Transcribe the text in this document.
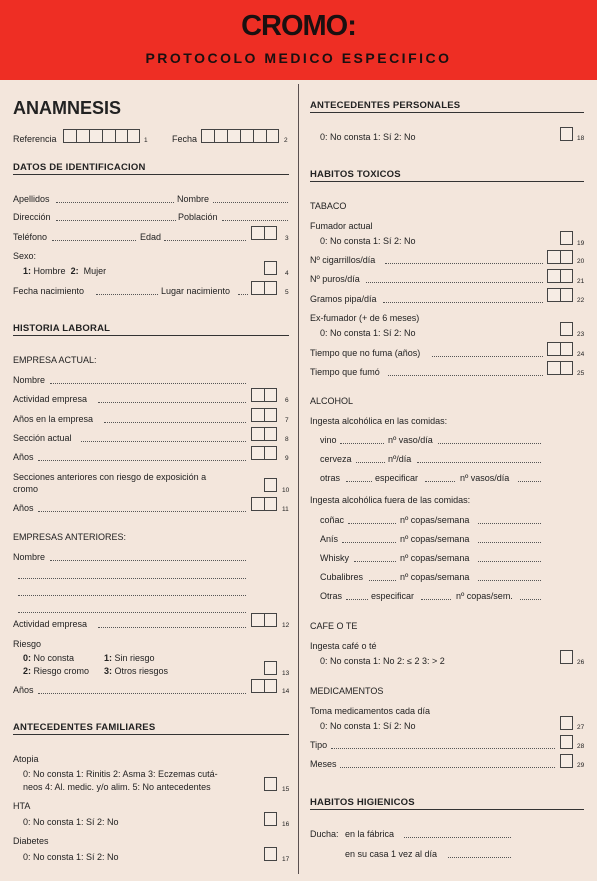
CROMO:
PROTOCOLO MEDICO ESPECIFICO
ANAMNESIS
Referencia	1	Fecha	2
DATOS DE IDENTIFICACION
Apellidos	Nombre
Dirección	Población
Teléfono	Edad	3
Sexo:
1: Hombre 2: Mujer	4
Fecha nacimiento	Lugar nacimiento	5
HISTORIA LABORAL
EMPRESA ACTUAL:
Nombre
Actividad empresa	6
Años en la empresa	7
Sección actual	8
Años	9
Secciones anteriores con riesgo de exposición a
cromo	10
Años	11
EMPRESAS ANTERIORES:
Nombre
Actividad empresa	12
Riesgo
0: No consta	1: Sin riesgo
2: Riesgo cromo 3: Otros riesgos	13
Años	14
ANTECEDENTES FAMILIARES
Atopia
0: No consta 1: Rinitis 2: Asma 3: Eczemas cutá-
neos 4: Al. medic. y/o alim. 5: No antecedentes	15
HTA
0: No consta 1: Sí 2: No	16
Diabetes
0: No consta 1: Sí 2: No	17
ANTECEDENTES PERSONALES
0: No consta 1: Sí 2: No	18
HABITOS TOXICOS
TABACO
Fumador actual
0: No consta 1: Sí 2: No	19
Nº cigarrillos/día	20
Nº puros/día	21
Gramos pipa/día	22
Ex-fumador (+ de 6 meses)
0: No consta 1: Sí 2: No	23
Tiempo que no fuma (años)	24
Tiempo que fumó	25
ALCOHOL
Ingesta alcohólica en las comidas:
vino	nº vaso/día
cerveza	nº/día
otras	especificar	nº vasos/día
Ingesta alcohólica fuera de las comidas:
coñac	nº copas/semana
Anís	nº copas/semana
Whisky	nº copas/semana
Cubalibres	nº copas/semana
Otras	especificar	nº copas/sem.
CAFE O TE
Ingesta café o té
0: No consta 1: No 2: ≤ 2 3: > 2	26
MEDICAMENTOS
Toma medicamentos cada día
0: No consta 1: Sí 2: No	27
Tipo	28
Meses	29
HABITOS HIGIENICOS
Ducha: en la fábrica
en su casa 1 vez al día
